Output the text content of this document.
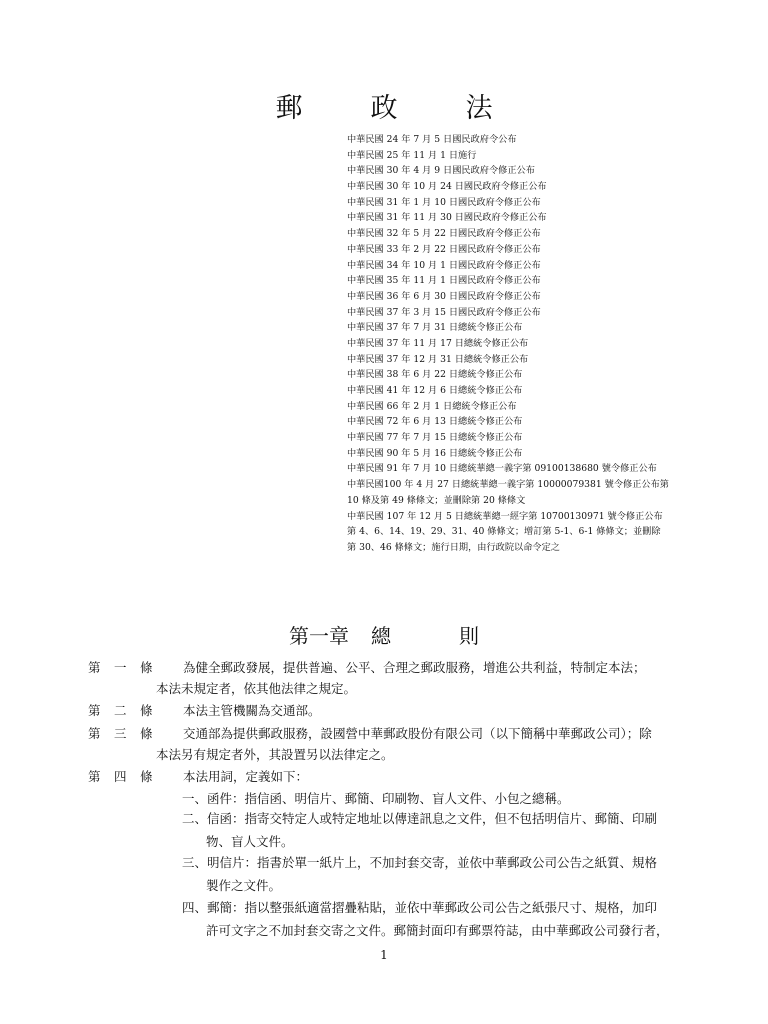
郵	政	法
中華民國 24 年 7 月 5 日國民政府令公布
中華民國 25 年 11 月 1 日施行
中華民國 30 年 4 月 9 日國民政府令修正公布
中華民國 30 年 10 月 24 日國民政府令修正公布
中華民國 31 年 1 月 10 日國民政府令修正公布
中華民國 31 年 11 月 30 日國民政府令修正公布
中華民國 32 年 5 月 22 日國民政府令修正公布
中華民國 33 年 2 月 22 日國民政府令修正公布
中華民國 34 年 10 月 1 日國民政府令修正公布
中華民國 35 年 11 月 1 日國民政府令修正公布
中華民國 36 年 6 月 30 日國民政府令修正公布
中華民國 37 年 3 月 15 日國民政府令修正公布
中華民國 37 年 7 月 31 日總統令修正公布
中華民國 37 年 11 月 17 日總統令修正公布
中華民國 37 年 12 月 31 日總統令修正公布
中華民國 38 年 6 月 22 日總統令修正公布
中華民國 41 年 12 月 6 日總統令修正公布
中華民國 66 年 2 月 1 日總統令修正公布
中華民國 72 年 6 月 13 日總統令修正公布
中華民國 77 年 7 月 15 日總統令修正公布
中華民國 90 年 5 月 16 日總統令修正公布
中華民國 91 年 7 月 10 日總統華總一義字第 09100138680 號令修正公布
中華民國100 年 4 月 27 日總統華總一義字第 10000079381 號令修正公布第
10 條及第 49 條條文；並刪除第 20 條條文
中華民國 107 年 12 月 5 日總統華總一經字第 10700130971 號令修正公布
第 4、6、14、19、29、31、40 條條文；增訂第 5-1、6-1 條條文；並刪除
第 30、46 條條文；施行日期，由行政院以命令定之
第一章 總	則
第 一 條	為健全郵政發展，提供普遍、公平、合理之郵政服務，增進公共利益，特制定本法；
本法未規定者，依其他法律之規定。
第 二 條	本法主管機關為交通部。
第 三 條	交通部為提供郵政服務，設國營中華郵政股份有限公司（以下簡稱中華郵政公司）；除
本法另有規定者外，其設置另以法律定之。
第 四 條	本法用詞，定義如下：
一、函件：指信函、明信片、郵簡、印刷物、盲人文件、小包之總稱。
二、信函：指寄交特定人或特定地址以傳達訊息之文件，但不包括明信片、郵簡、印刷
物、盲人文件。
三、明信片：指書於單一紙片上，不加封套交寄，並依中華郵政公司公告之紙質、規格
製作之文件。
四、郵簡：指以整張紙適當摺疊粘貼，並依中華郵政公司公告之紙張尺寸、規格，加印
許可文字之不加封套交寄之文件。郵簡封面印有郵票符誌，由中華郵政公司發行者，
1
